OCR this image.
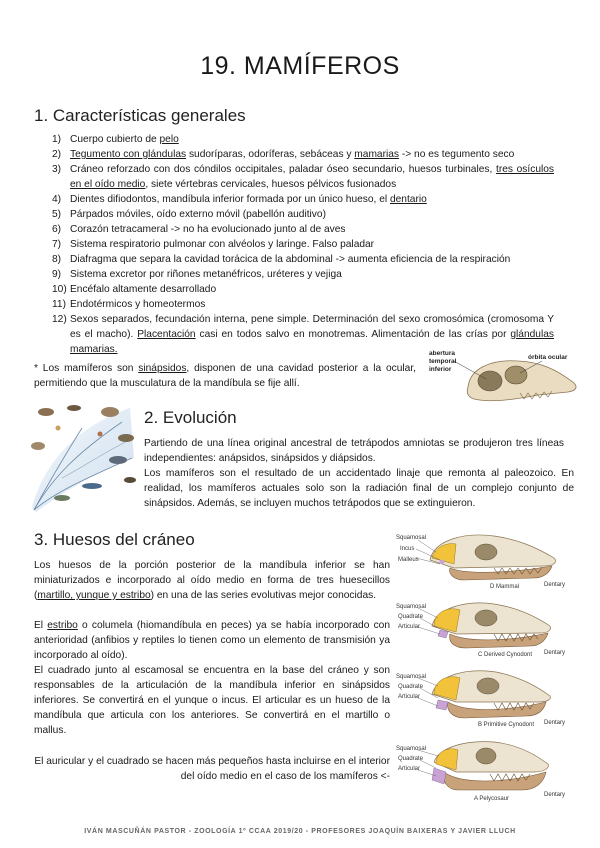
19. MAMÍFEROS
1. Características generales
1) Cuerpo cubierto de pelo
2) Tegumento con glándulas sudoríparas, odoríferas, sebáceas y mamarias -> no es tegumento seco
3) Cráneo reforzado con dos cóndilos occipitales, paladar óseo secundario, huesos turbinales, tres osículos en el oído medio, siete vértebras cervicales, huesos pélvicos fusionados
4) Dientes difiodontos, mandíbula inferior formada por un único hueso, el dentario
5) Párpados móviles, oído externo móvil (pabellón auditivo)
6) Corazón tetracameral -> no ha evolucionado junto al de aves
7) Sistema respiratorio pulmonar con alvéolos y laringe. Falso paladar
8) Diafragma que separa la cavidad torácica de la abdominal -> aumenta eficiencia de la respiración
9) Sistema excretor por riñones metanéfricos, uréteres y vejiga
10) Encéfalo altamente desarrollado
11) Endotérmicos y homeotermos
12) Sexos separados, fecundación interna, pene simple. Determinación del sexo cromosómica (cromosoma Y es el macho). Placentación casi en todos salvo en monotremas. Alimentación de las crías por glándulas mamarias.
* Los mamíferos son sinápsidos, disponen de una cavidad posterior a la ocular, permitiendo que la musculatura de la mandíbula se fije allí.
abertura
temporal
inferior
órbita ocular
2. Evolución
Partiendo de una línea original ancestral de tetrápodos amniotas se produjeron tres líneas independientes: anápsidos, sinápsidos y diápsidos.
Los mamíferos son el resultado de un accidentado linaje que remonta al paleozoico. En realidad, los mamíferos actuales solo son la radiación final de un complejo conjunto de sinápsidos. Además, se incluyen muchos tetrápodos que se extinguieron.
3. Huesos del cráneo
Los huesos de la porción posterior de la mandíbula inferior se han miniaturizados e incorporado al oído medio en forma de tres huesecillos (martillo, yunque y estribo) en una de las series evolutivas mejor conocidas.
El estribo o columela (hiomandíbula en peces) ya se había incorporado con anterioridad (anfibios y reptiles lo tienen como un elemento de transmisión ya incorporado al oído).
El cuadrado junto al escamosal se encuentra en la base del cráneo y son responsables de la articulación de la mandíbula inferior en sinápsidos inferiores. Se convertirá en el yunque o incus. El articular es un hueso de la mandíbula que articula con los anteriores. Se convertirá en el martillo o mallus.
El auricular y el cuadrado se hacen más pequeños hasta incluirse en el interior del oído medio en el caso de los mamíferos <-
Squamosal
Incus
Malleus
D Mammal	Dentary
Squamosal
Quadrate
Articular
C Derived Cynodont Dentary
Squamosal
Quadrate
Articular
B Primitive Cynodont Dentary
Squamosal
Quadrate
Articular
A Pelycosaur
Dentary
IVÁN MASCUÑÁN PASTOR - ZOOLOGÍA 1º CCAA 2019/20 - PROFESORES JOAQUÍN BAIXERAS Y JAVIER LLUCH
